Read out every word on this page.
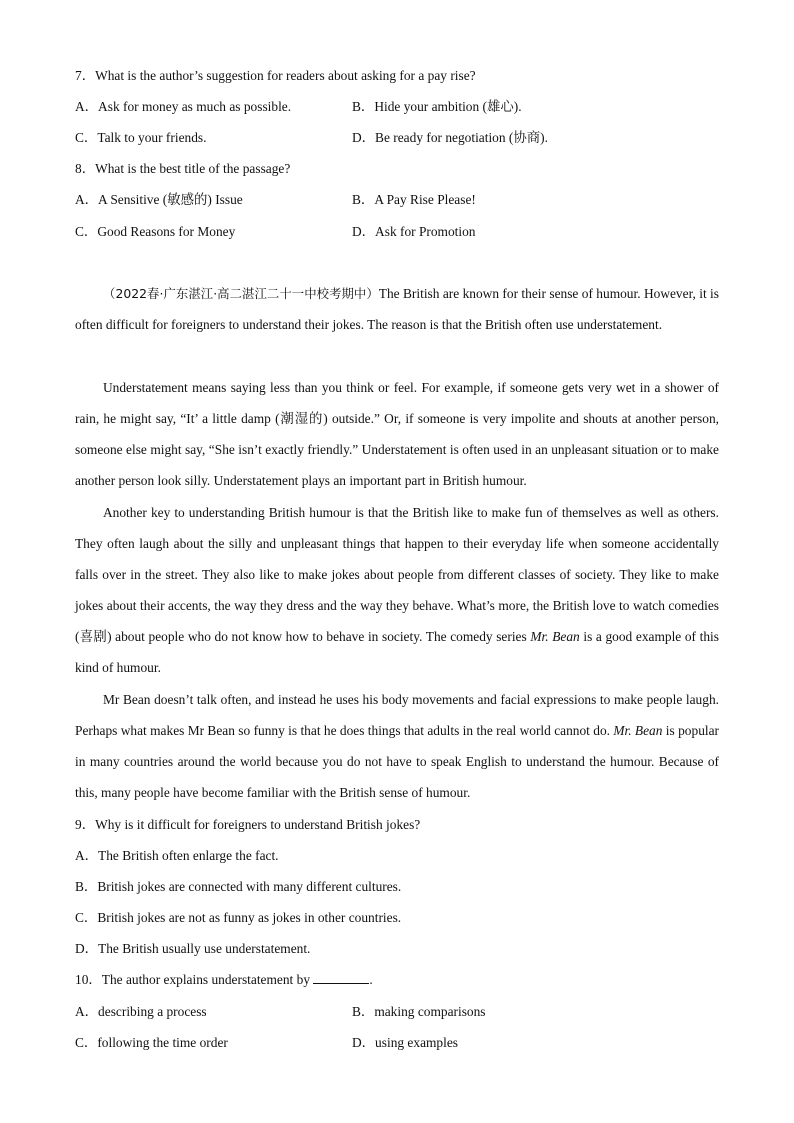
7．What is the author’s suggestion for readers about asking for a pay rise?
A．Ask for money as much as possible.	B．Hide your ambition (雄心).
C．Talk to your friends.	D．Be ready for negotiation (协商).
8．What is the best title of the passage?
A．A Sensitive (敏感的) Issue	B．A Pay Rise Please!
C．Good Reasons for Money	D．Ask for Promotion
（2022春·广东湛江·高二湛江二十一中校考期中）The British are known for their sense of humour. However, it is often difficult for foreigners to understand their jokes. The reason is that the British often use understatement.
Understatement means saying less than you think or feel. For example, if someone gets very wet in a shower of rain, he might say, “It’ a little damp (潮湿的) outside.” Or, if someone is very impolite and shouts at another person, someone else might say, “She isn’t exactly friendly.” Understatement is often used in an unpleasant situation or to make another person look silly. Understatement plays an important part in British humour.
Another key to understanding British humour is that the British like to make fun of themselves as well as others. They often laugh about the silly and unpleasant things that happen to their everyday life when someone accidentally falls over in the street. They also like to make jokes about people from different classes of society. They like to make jokes about their accents, the way they dress and the way they behave. What’s more, the British love to watch comedies (喜剧) about people who do not know how to behave in society. The comedy series Mr. Bean is a good example of this kind of humour.
Mr Bean doesn’t talk often, and instead he uses his body movements and facial expressions to make people laugh. Perhaps what makes Mr Bean so funny is that he does things that adults in the real world cannot do. Mr. Bean is popular in many countries around the world because you do not have to speak English to understand the humour. Because of this, many people have become familiar with the British sense of humour.
9．Why is it difficult for foreigners to understand British jokes?
A．The British often enlarge the fact.
B．British jokes are connected with many different cultures.
C．British jokes are not as funny as jokes in other countries.
D．The British usually use understatement.
10．The author explains understatement by	.
A．describing a process	B．making comparisons
C．following the time order	D．using examples
